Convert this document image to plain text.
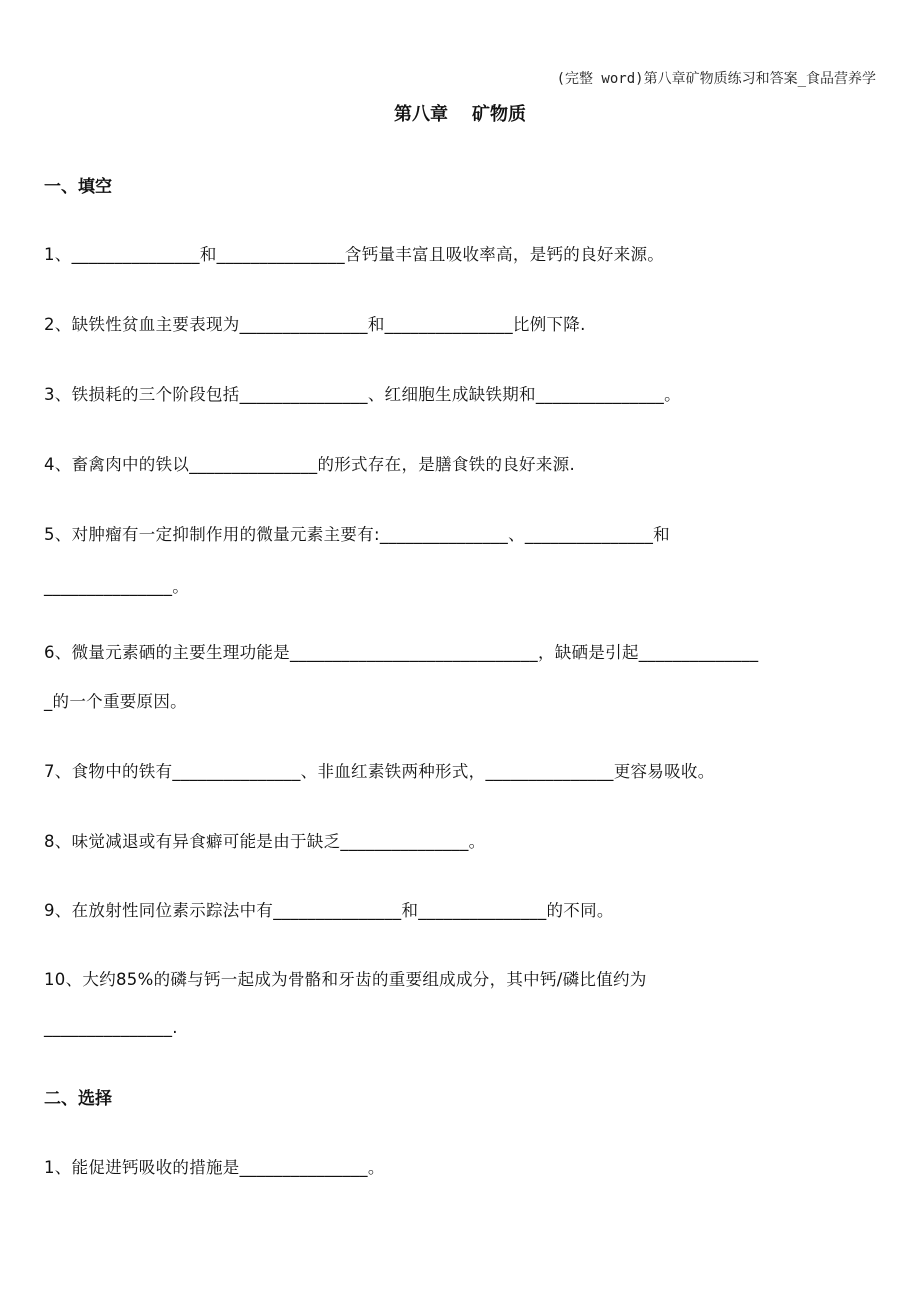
(完整 word)第八章矿物质练习和答案_食品营养学
第八章 矿物质
一、填空
1、_______________和_______________含钙量丰富且吸收率高，是钙的良好来源。
2、缺铁性贫血主要表现为_______________和_______________比例下降.
3、铁损耗的三个阶段包括_______________、红细胞生成缺铁期和_______________。
4、畜禽肉中的铁以_______________的形式存在，是膳食铁的良好来源.
5、对肿瘤有一定抑制作用的微量元素主要有:_______________、_______________和
_______________。
6、微量元素硒的主要生理功能是_____________________________，缺硒是引起______________
_的一个重要原因。
7、食物中的铁有_______________、非血红素铁两种形式，_______________更容易吸收。
8、味觉减退或有异食癖可能是由于缺乏_______________。
9、在放射性同位素示踪法中有_______________和_______________的不同。
10、大约85%的磷与钙一起成为骨骼和牙齿的重要组成成分，其中钙/磷比值约为
_______________.
二、选择
1、能促进钙吸收的措施是_______________。
